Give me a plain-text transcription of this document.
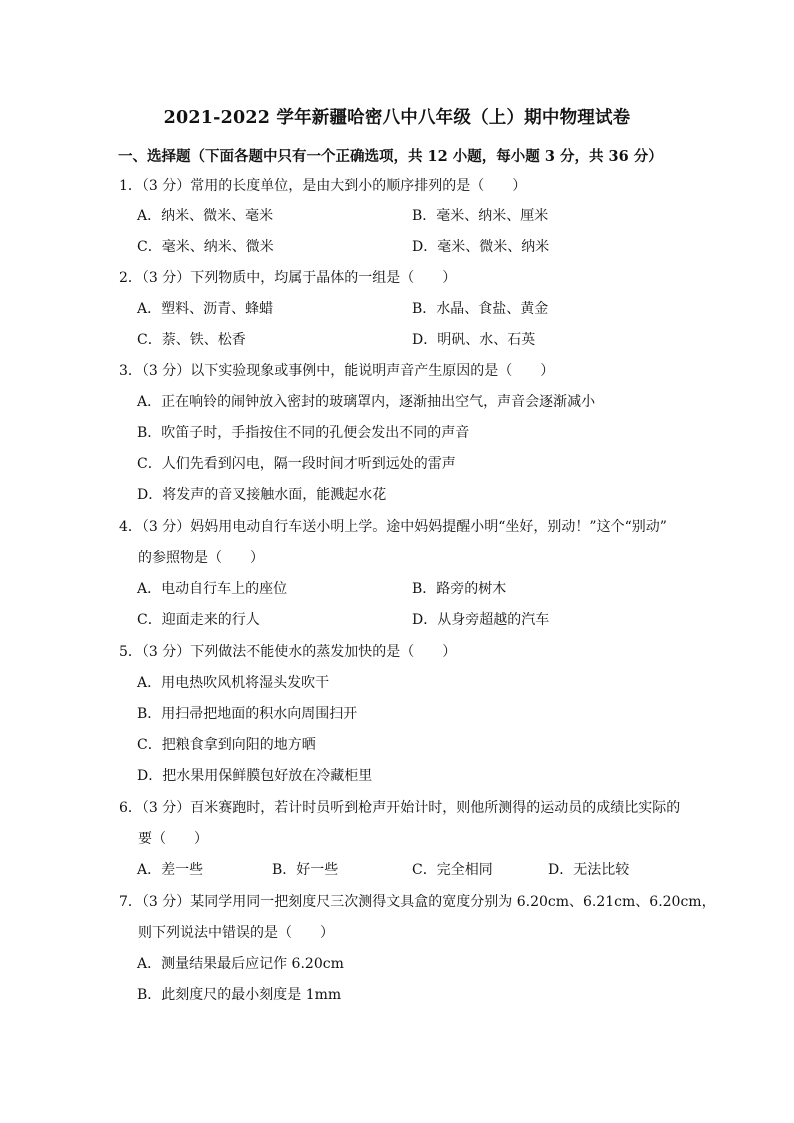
2021-2022 学年新疆哈密八中八年级（上）期中物理试卷

一、选择题（下面各题中只有一个正确选项，共 12 小题，每小题 3 分，共 36 分）

1．（3 分）常用的长度单位，是由大到小的顺序排列的是（　　）

A．纳米、微米、毫米	B．毫米、纳米、厘米

C．毫米、纳米、微米	D．毫米、微米、纳米

2．（3 分）下列物质中，均属于晶体的一组是（　　）

A．塑料、沥青、蜂蜡	B．水晶、食盐、黄金

C．萘、铁、松香	D．明矾、水、石英

3．（3 分）以下实验现象或事例中，能说明声音产生原因的是（　　）

A．正在响铃的闹钟放入密封的玻璃罩内，逐渐抽出空气，声音会逐渐减小

B．吹笛子时，手指按住不同的孔便会发出不同的声音

C．人们先看到闪电，隔一段时间才听到远处的雷声

D．将发声的音叉接触水面，能溅起水花

4．（3 分）妈妈用电动自行车送小明上学。途中妈妈提醒小明“坐好，别动！”这个“别动”

的参照物是（　　）

A．电动自行车上的座位	B．路旁的树木

C．迎面走来的行人	D．从身旁超越的汽车

5．（3 分）下列做法不能使水的蒸发加快的是（　　）

A．用电热吹风机将湿头发吹干

B．用扫帚把地面的积水向周围扫开

C．把粮食拿到向阳的地方晒

D．把水果用保鲜膜包好放在冷藏柜里

6．（3 分）百米赛跑时，若计时员听到枪声开始计时，则他所测得的运动员的成绩比实际的

要（　　）

A．差一些	B．好一些	C．完全相同	D．无法比较

7．（3 分）某同学用同一把刻度尺三次测得文具盒的宽度分别为 6.20cm、6.21cm、6.20cm，

则下列说法中错误的是（　　）

A．测量结果最后应记作 6.20cm

B．此刻度尺的最小刻度是 1mm
